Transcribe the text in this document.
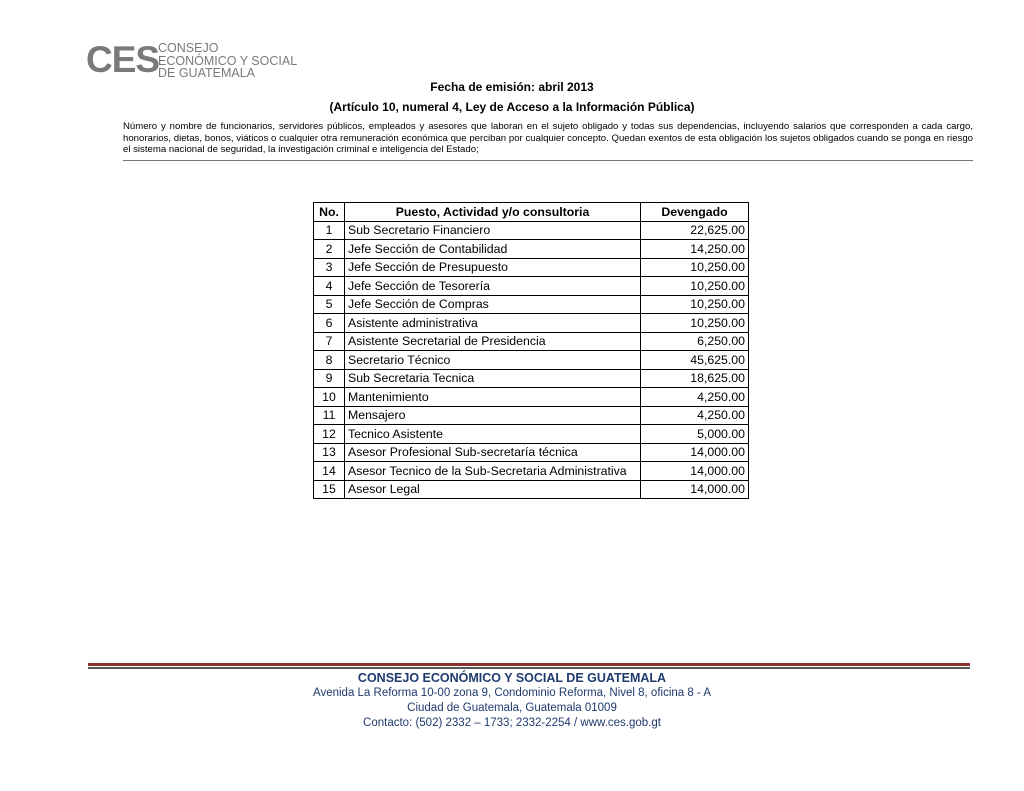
CES
CONSEJO
ECONÓMICO Y SOCIAL
DE GUATEMALA
Fecha de emisión: abril 2013
(Artículo 10, numeral 4, Ley de Acceso a la Información Pública)
Número y nombre de funcionarios, servidores públicos, empleados y asesores que laboran en el sujeto obligado y todas sus dependencias, incluyendo salarios que corresponden a cada cargo, honorarios, dietas, bonos, viáticos o cualquier otra remuneración económica que perciban por cualquier concepto. Quedan exentos de esta obligación los sujetos obligados cuando se ponga en riesgo el sistema nacional de seguridad, la investigación criminal e inteligencia del Estado;
No.	Puesto, Actividad y/o consultoria	Devengado
1	Sub Secretario Financiero	22,625.00
2	Jefe Sección de Contabilidad	14,250.00
3	Jefe Sección de Presupuesto	10,250.00
4	Jefe Sección de Tesorería	10,250.00
5	Jefe Sección de Compras	10,250.00
6	Asistente administrativa	10,250.00
7	Asistente Secretarial de Presidencia	6,250.00
8	Secretario Técnico	45,625.00
9	Sub Secretaria Tecnica	18,625.00
10	Mantenimiento	4,250.00
11	Mensajero	4,250.00
12	Tecnico Asistente	5,000.00
13	Asesor Profesional Sub-secretaría técnica	14,000.00
14	Asesor Tecnico de la Sub-Secretaria Administrativa	14,000.00
15	Asesor Legal	14,000.00
CONSEJO ECONÓMICO Y SOCIAL DE GUATEMALA
Avenida La Reforma 10-00 zona 9, Condominio Reforma, Nivel 8, oficina 8 - A
Ciudad de Guatemala, Guatemala 01009
Contacto: (502) 2332 – 1733; 2332-2254 / www.ces.gob.gt
